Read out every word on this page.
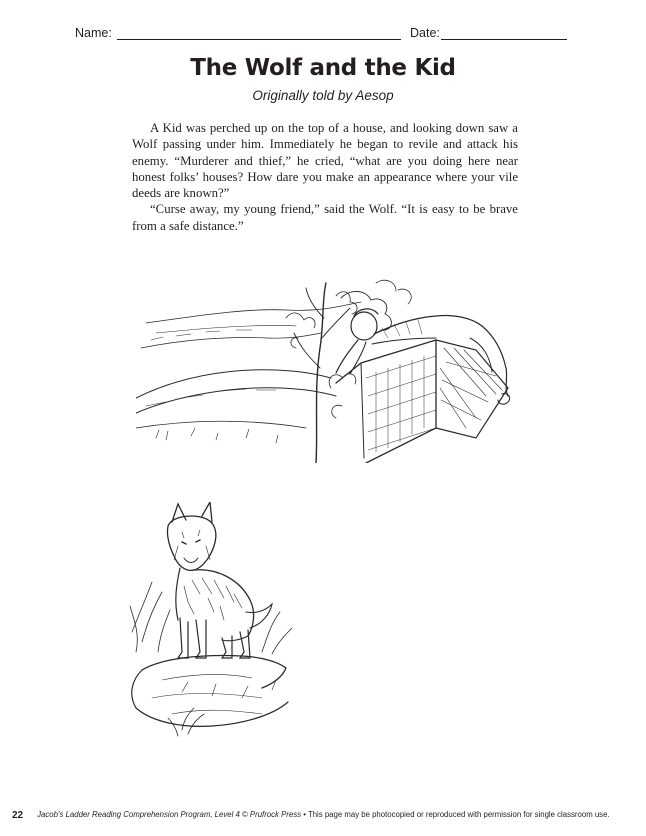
Name:	Date:
The Wolf and the Kid
Originally told by Aesop

A Kid was perched up on the top of a house, and looking down saw a Wolf passing under him. Immediately he began to revile and attack his enemy. “Murderer and thief,” he cried, “what are you doing here near honest folks’ houses? How dare you make an appearance where your vile deeds are known?”

“Curse away, my young friend,” said the Wolf. “It is easy to be brave from a safe distance.”

22 Jacob’s Ladder Reading Comprehension Program, Level 4 © Prufrock Press • This page may be photocopied or reproduced with permission for single classroom use.
